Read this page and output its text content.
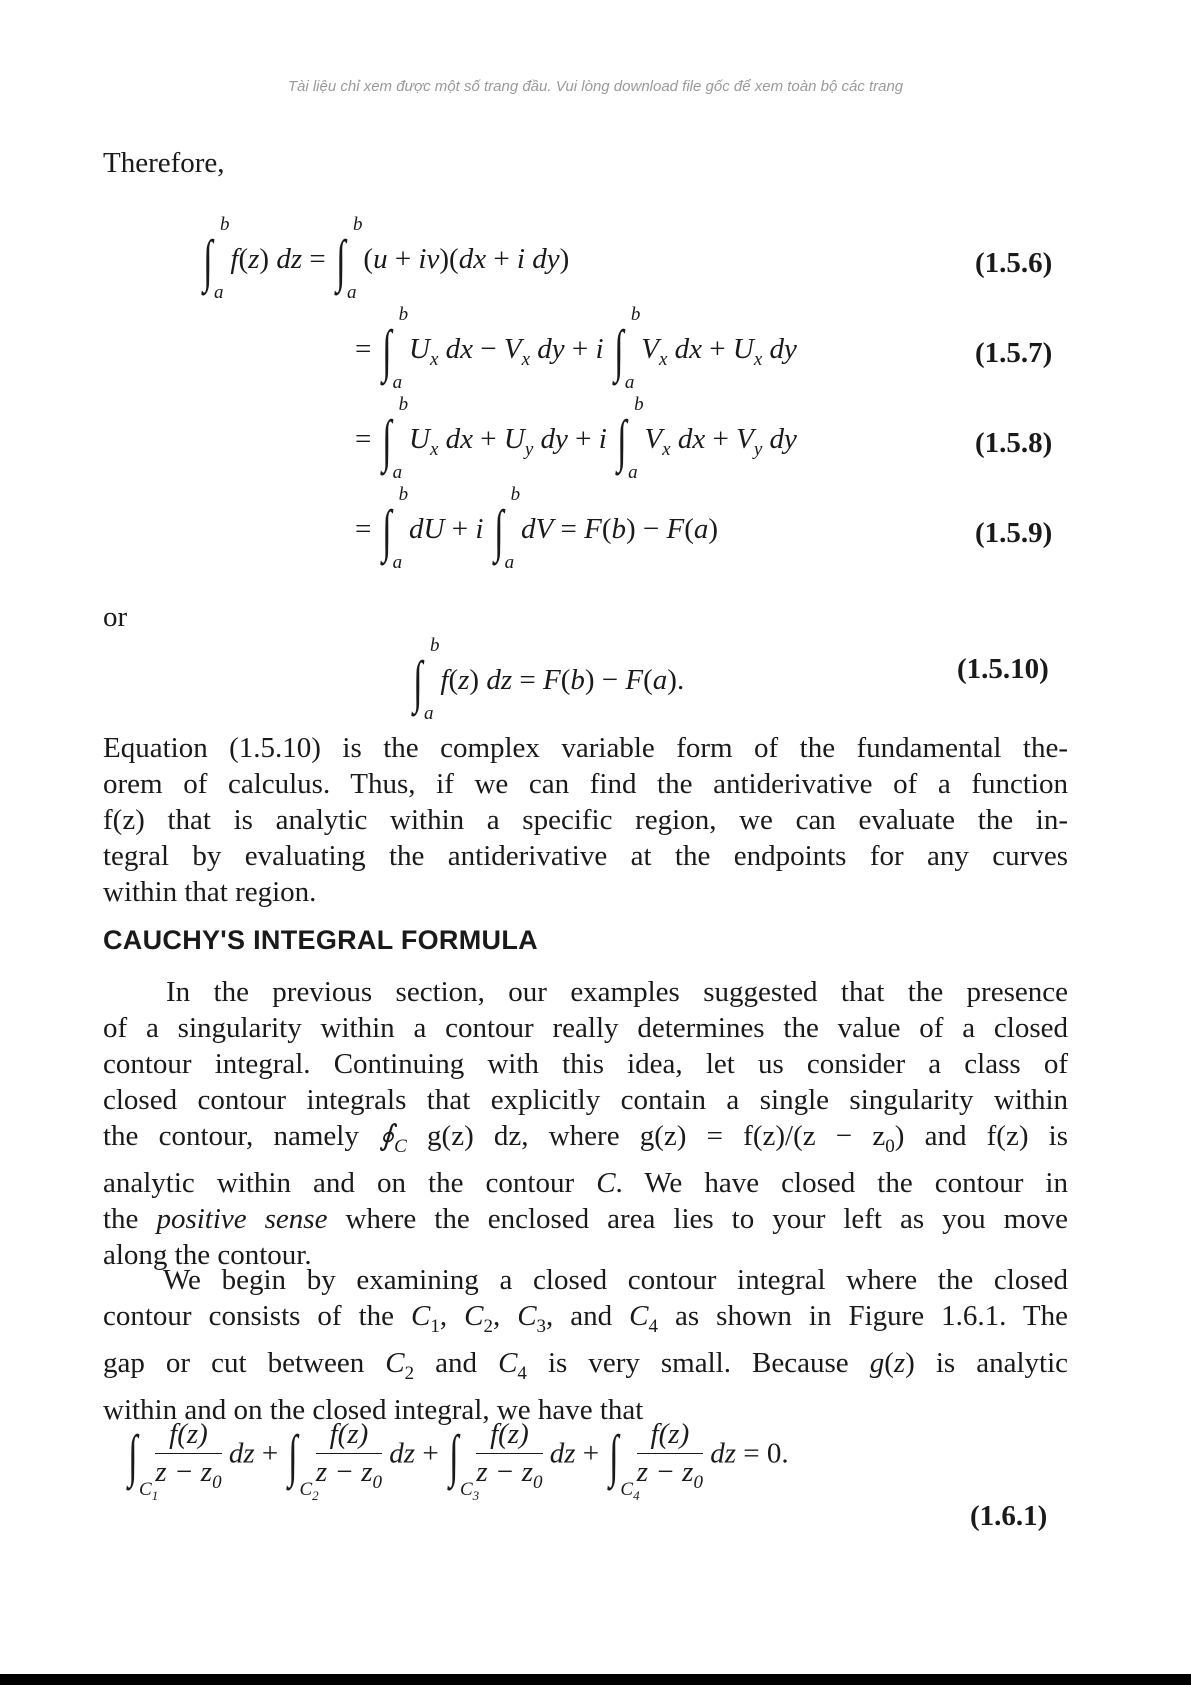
Tài liệu chỉ xem được một số trang đầu. Vui lòng download file gốc để xem toàn bộ các trang
Therefore,
∫
b
a
f(z) dz = ∫
b
a
(u + iv)(dx + i dy)	(1.5.6)
= ∫
b
a
$U_x$ dx − $V_x$ dy + i ∫
b
a
$V_x$ dx + $U_x$ dy	(1.5.7)
= ∫
b
a
$U_x$ dx + $U_y$ dy + i ∫
b
a
$V_x$ dx + $V_y$ dy	(1.5.8)
= ∫
b
a
dU + i ∫
b
a
dV = F(b) − F(a)	(1.5.9)
or
∫
b
a
f(z) dz = F(b) − F(a).	(1.5.10)
Equation (1.5.10) is the complex variable form of the fundamental the-
orem of calculus. Thus, if we can find the antiderivative of a function
f(z) that is analytic within a specific region, we can evaluate the in-
tegral by evaluating the antiderivative at the endpoints for any curves
within that region.
CAUCHY'S INTEGRAL FORMULA
In the previous section, our examples suggested that the presence
of a singularity within a contour really determines the value of a closed
contour integral. Continuing with this idea, let us consider a class of
closed contour integrals that explicitly contain a single singularity within
the contour, namely $∮_C$ g(z) dz, where $g(z) = f(z)/(z - z_0)$ and f(z) is
analytic within and on the contour C. We have closed the contour in
the positive sense where the enclosed area lies to your left as you move
along the contour.
We begin by examining a closed contour integral where the closed
contour consists of the $C_1$, $C_2$, $C_3$, and $C_4$ as shown in Figure 1.6.1. The
gap or cut between $C_2$ and $C_4$ is very small. Because g(z) is analytic
within and on the closed integral, we have that
∫
$C_1$

$\frac{f(z)}{z - z_0}$ dz + ∫
$C_2$

$\frac{f(z)}{z - z_0}$ dz + ∫
$C_3$

$\frac{f(z)}{z - z_0}$ dz + ∫
$C_4$

$\frac{f(z)}{z - z_0}$ dz = 0.
(1.6.1)
